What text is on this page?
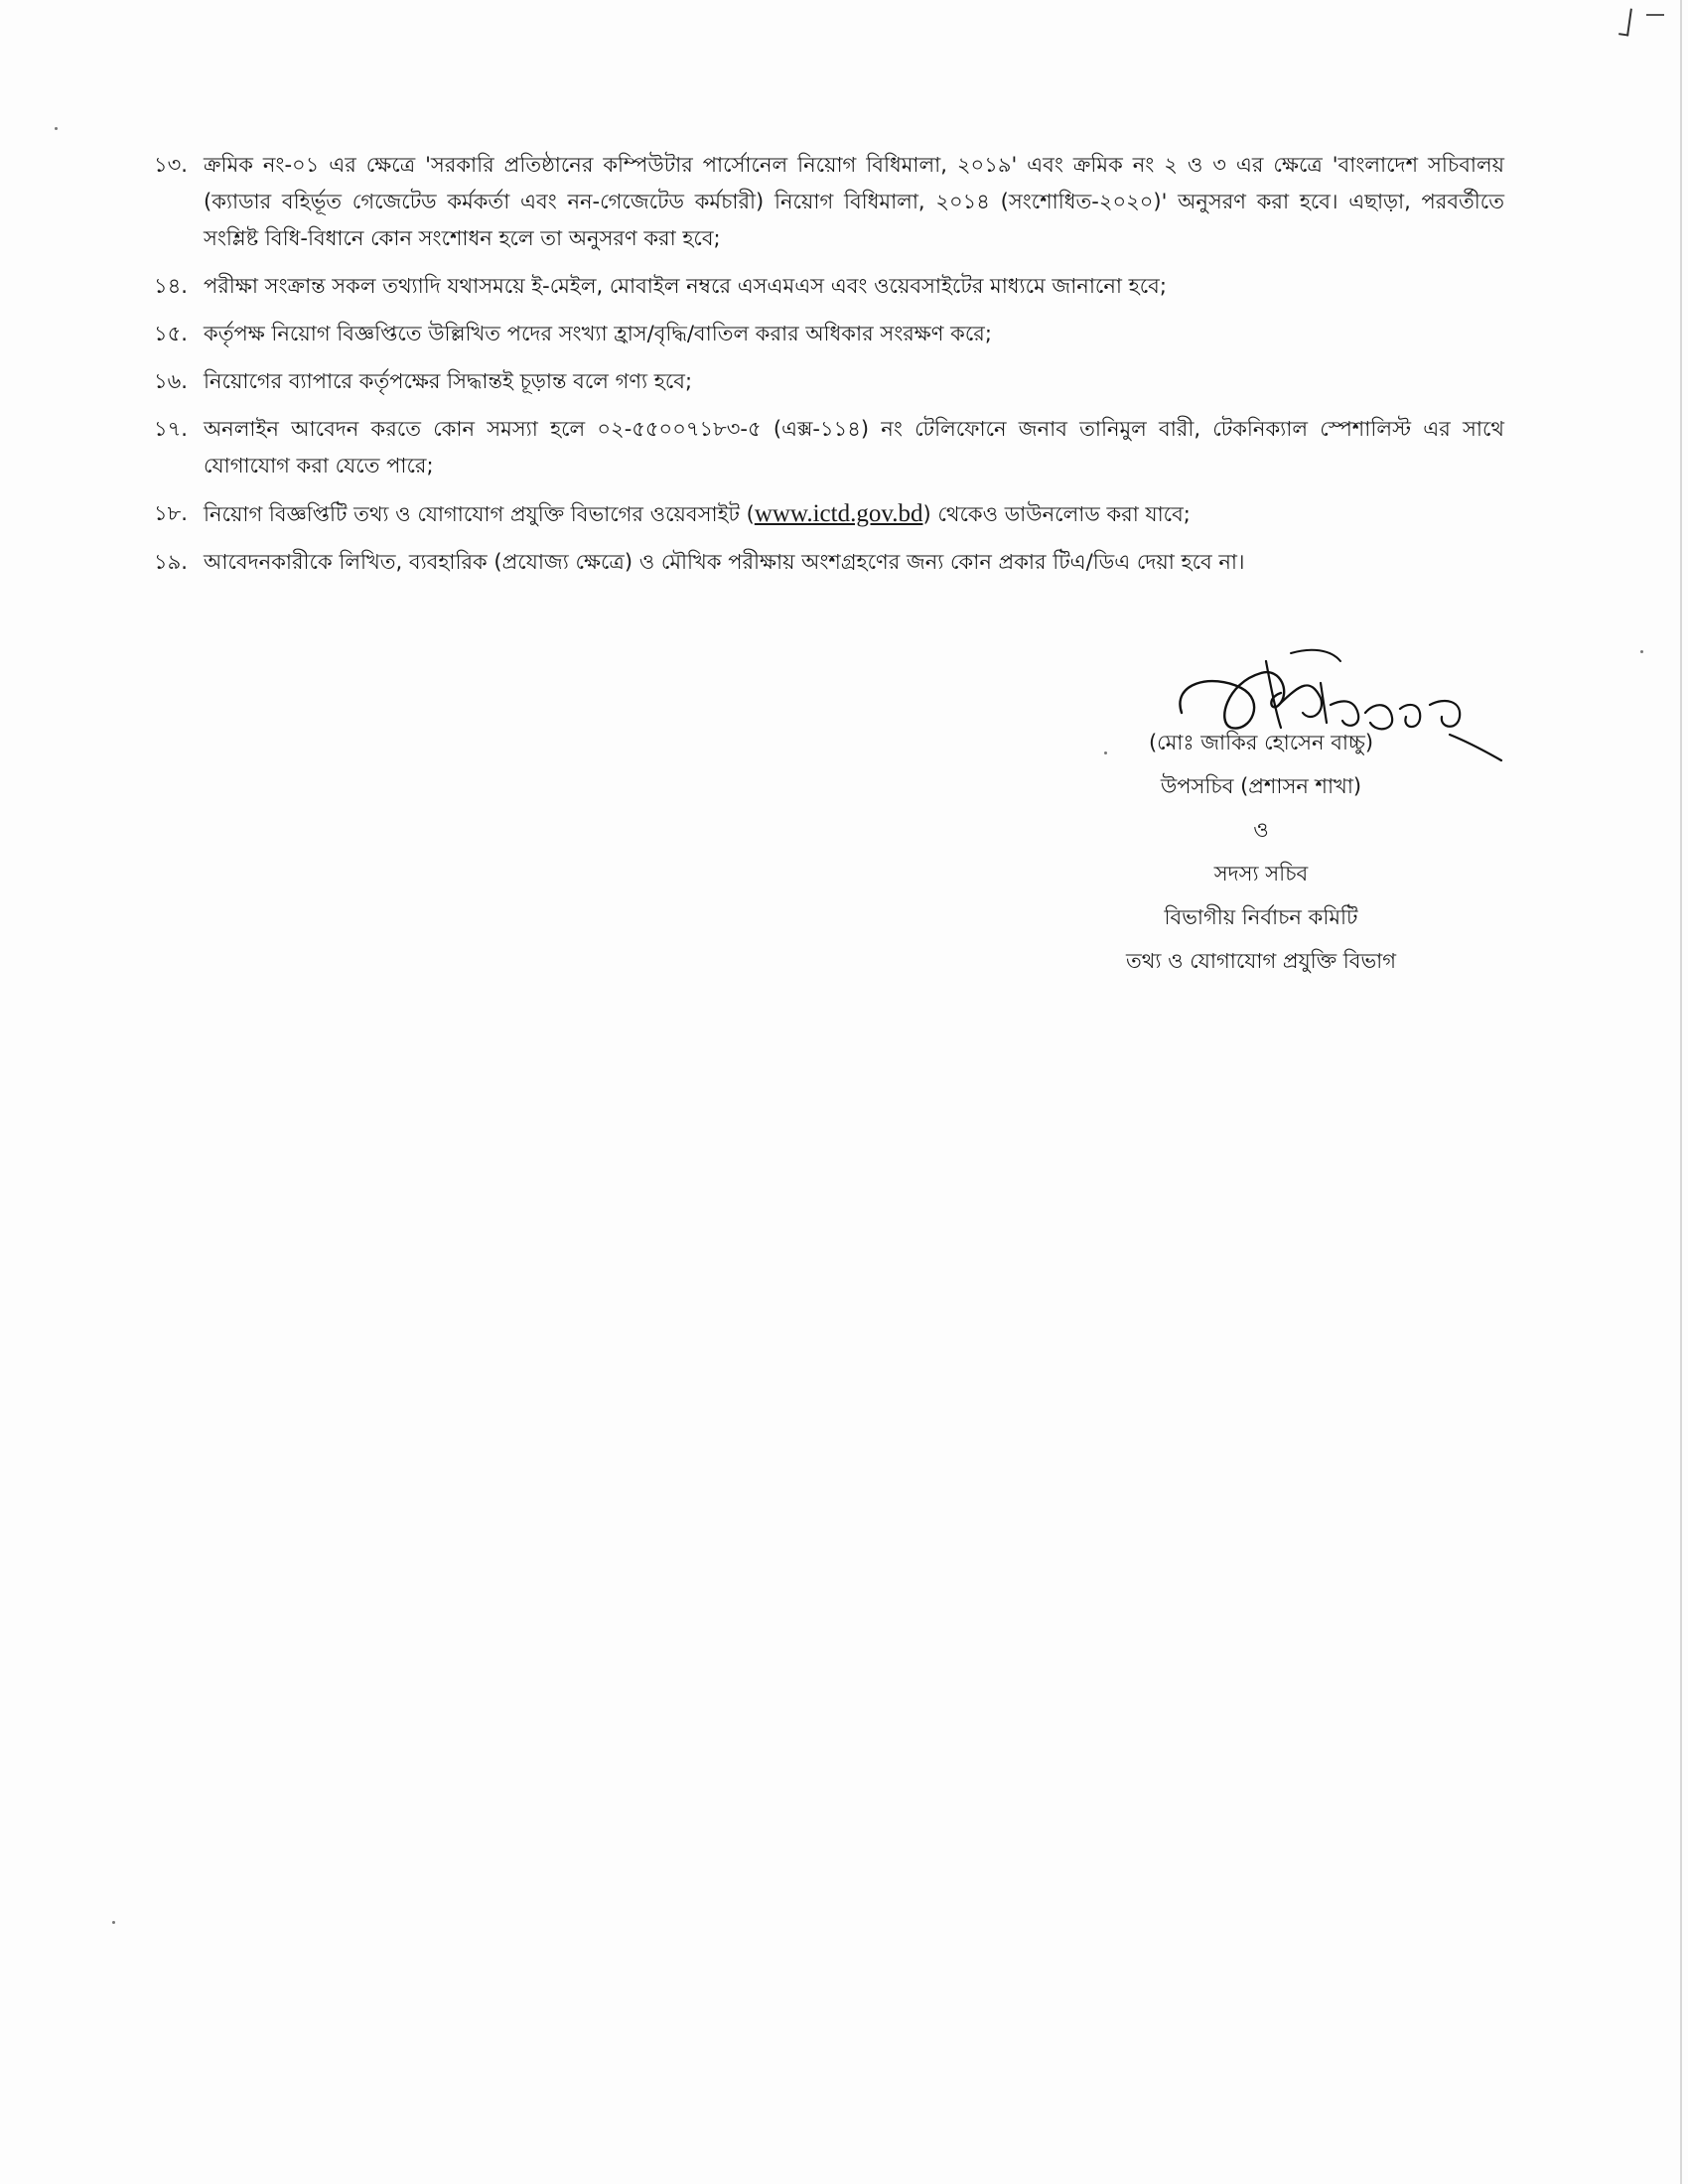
১৩. ক্রমিক নং-০১ এর ক্ষেত্রে 'সরকারি প্রতিষ্ঠানের কম্পিউটার পার্সোনেল নিয়োগ বিধিমালা, ২০১৯' এবং ক্রমিক নং ২ ও ৩ এর ক্ষেত্রে 'বাংলাদেশ সচিবালয় (ক্যাডার বহির্ভূত গেজেটেড কর্মকর্তা এবং নন-গেজেটেড কর্মচারী) নিয়োগ বিধিমালা, ২০১৪ (সংশোধিত-২০২০)' অনুসরণ করা হবে। এছাড়া, পরবর্তীতে সংশ্লিষ্ট বিধি-বিধানে কোন সংশোধন হলে তা অনুসরণ করা হবে;
১৪. পরীক্ষা সংক্রান্ত সকল তথ্যাদি যথাসময়ে ই-মেইল, মোবাইল নম্বরে এসএমএস এবং ওয়েবসাইটের মাধ্যমে জানানো হবে;
১৫. কর্তৃপক্ষ নিয়োগ বিজ্ঞপ্তিতে উল্লিখিত পদের সংখ্যা হ্রাস/বৃদ্ধি/বাতিল করার অধিকার সংরক্ষণ করে;
১৬. নিয়োগের ব্যাপারে কর্তৃপক্ষের সিদ্ধান্তই চূড়ান্ত বলে গণ্য হবে;
১৭. অনলাইন আবেদন করতে কোন সমস্যা হলে ০২-৫৫০০৭১৮৩-৫ (এক্স-১১৪) নং টেলিফোনে জনাব তানিমুল বারী, টেকনিক্যাল স্পেশালিস্ট এর সাথে যোগাযোগ করা যেতে পারে;
১৮. নিয়োগ বিজ্ঞপ্তিটি তথ্য ও যোগাযোগ প্রযুক্তি বিভাগের ওয়েবসাইট (www.ictd.gov.bd) থেকেও ডাউনলোড করা যাবে;
১৯. আবেদনকারীকে লিখিত, ব্যবহারিক (প্রযোজ্য ক্ষেত্রে) ও মৌখিক পরীক্ষায় অংশগ্রহণের জন্য কোন প্রকার টিএ/ডিএ দেয়া হবে না।
(মোঃ জাকির হোসেন বাচ্চু)
উপসচিব (প্রশাসন শাখা)
ও
সদস্য সচিব
বিভাগীয় নির্বাচন কমিটি
তথ্য ও যোগাযোগ প্রযুক্তি বিভাগ
